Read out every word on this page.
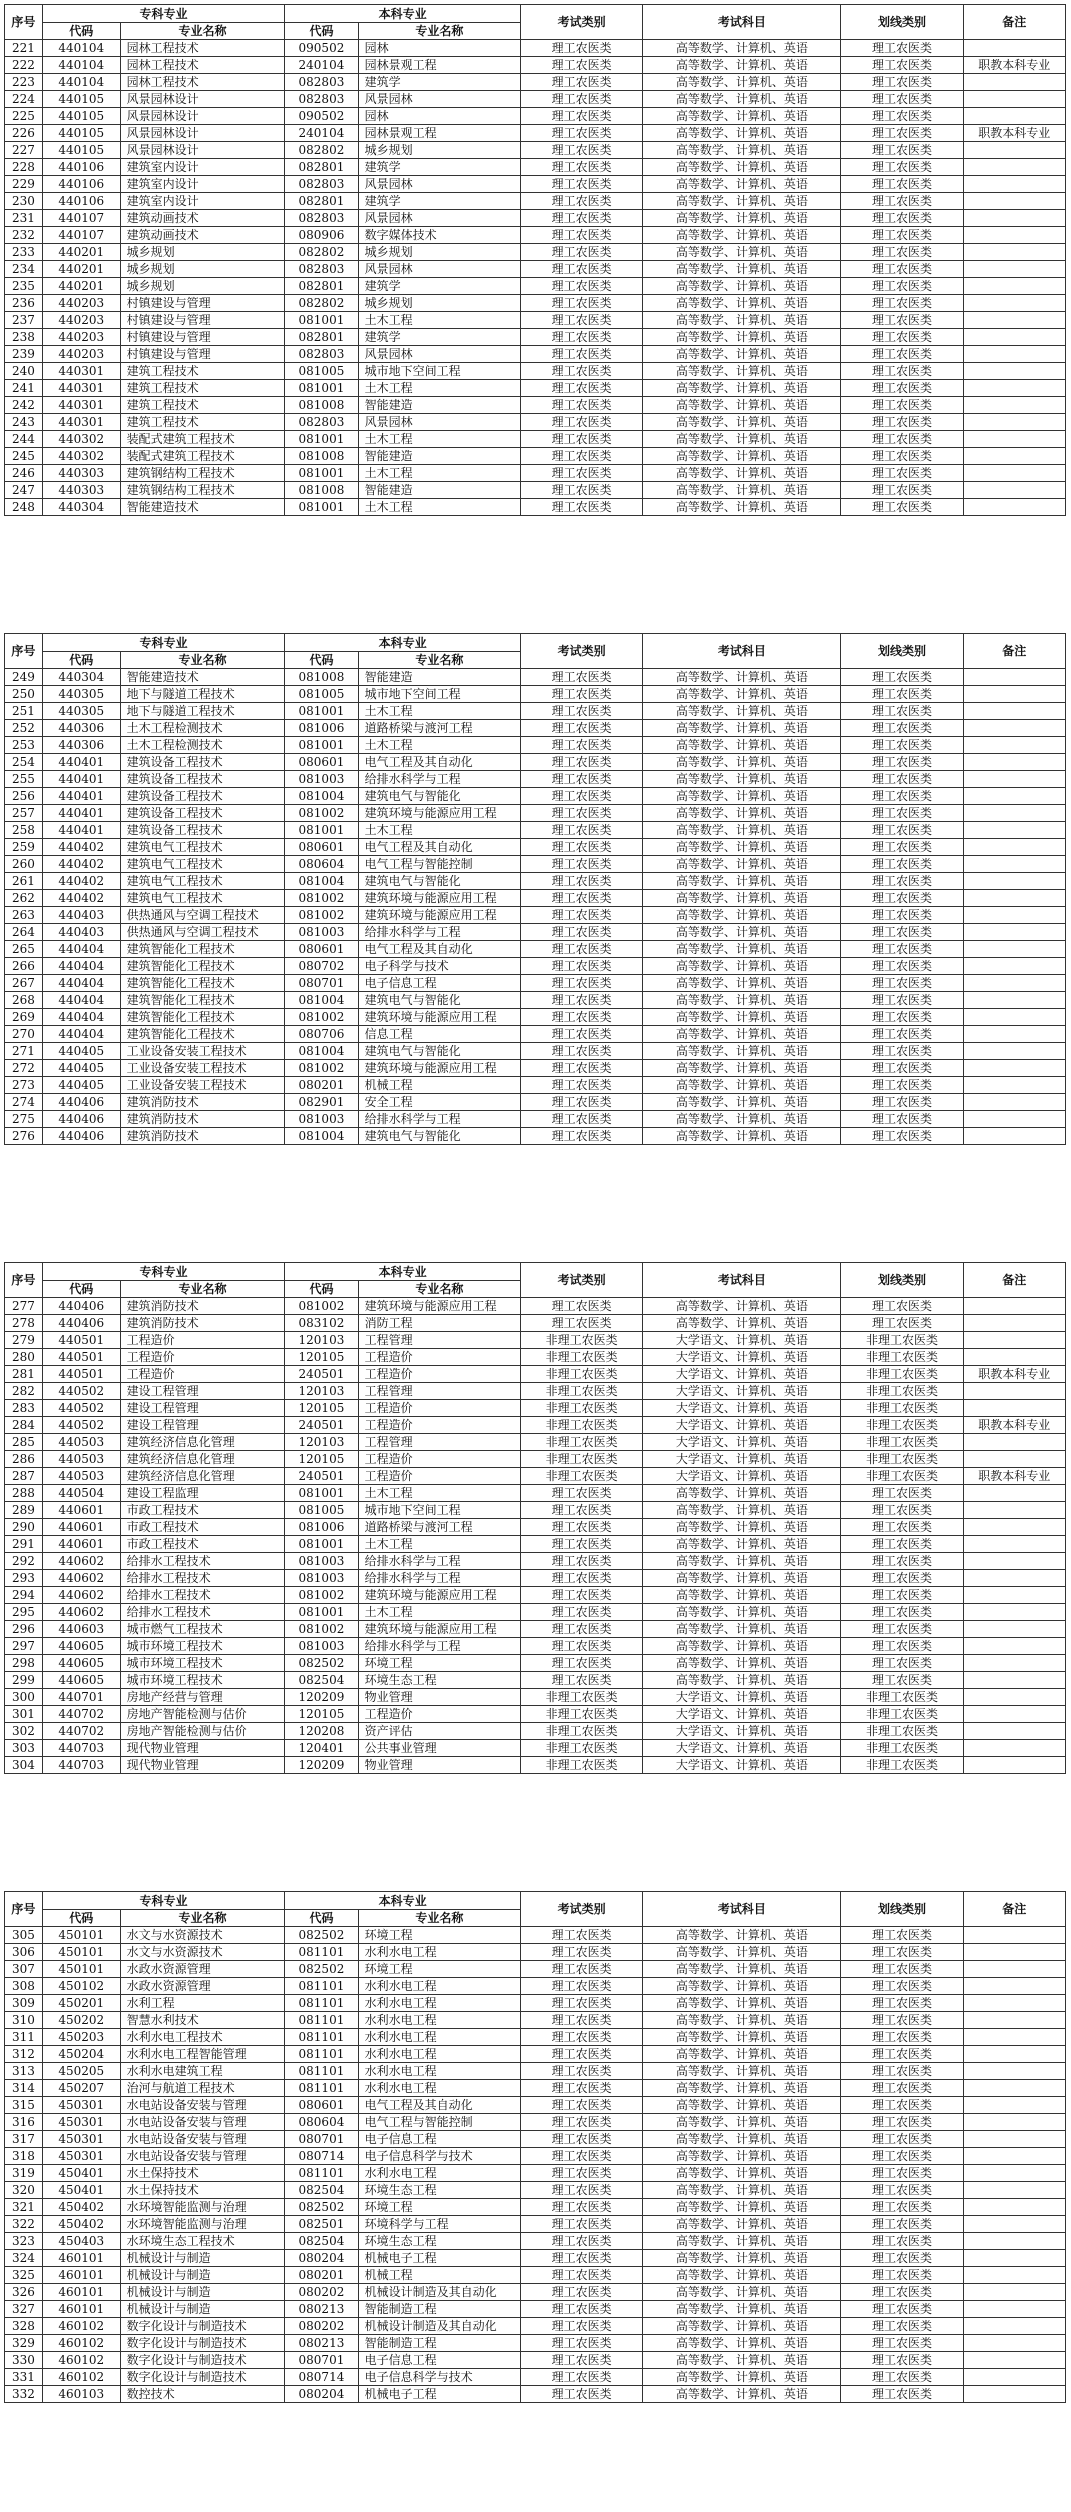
序号	专科专业		本科专业		考试类别	考试科目	划线类别	备注
	代码	专业名称	代码	专业名称				
221	440104	园林工程技术	090502	园林	理工农医类	高等数学、计算机、英语	理工农医类	
222	440104	园林工程技术	240104	园林景观工程	理工农医类	高等数学、计算机、英语	理工农医类	职教本科专业
223	440104	园林工程技术	082803	建筑学	理工农医类	高等数学、计算机、英语	理工农医类	
224	440105	风景园林设计	082803	风景园林	理工农医类	高等数学、计算机、英语	理工农医类	
225	440105	风景园林设计	090502	园林	理工农医类	高等数学、计算机、英语	理工农医类	
226	440105	风景园林设计	240104	园林景观工程	理工农医类	高等数学、计算机、英语	理工农医类	职教本科专业
227	440105	风景园林设计	082802	城乡规划	理工农医类	高等数学、计算机、英语	理工农医类	
228	440106	建筑室内设计	082801	建筑学	理工农医类	高等数学、计算机、英语	理工农医类	
229	440106	建筑室内设计	082803	风景园林	理工农医类	高等数学、计算机、英语	理工农医类	
230	440106	建筑室内设计	082801	建筑学	理工农医类	高等数学、计算机、英语	理工农医类	
231	440107	建筑动画技术	082803	风景园林	理工农医类	高等数学、计算机、英语	理工农医类	
232	440107	建筑动画技术	080906	数字媒体技术	理工农医类	高等数学、计算机、英语	理工农医类	
233	440201	城乡规划	082802	城乡规划	理工农医类	高等数学、计算机、英语	理工农医类	
234	440201	城乡规划	082803	风景园林	理工农医类	高等数学、计算机、英语	理工农医类	
235	440201	城乡规划	082801	建筑学	理工农医类	高等数学、计算机、英语	理工农医类	
236	440203	村镇建设与管理	082802	城乡规划	理工农医类	高等数学、计算机、英语	理工农医类	
237	440203	村镇建设与管理	081001	土木工程	理工农医类	高等数学、计算机、英语	理工农医类	
238	440203	村镇建设与管理	082801	建筑学	理工农医类	高等数学、计算机、英语	理工农医类	
239	440203	村镇建设与管理	082803	风景园林	理工农医类	高等数学、计算机、英语	理工农医类	
240	440301	建筑工程技术	081005	城市地下空间工程	理工农医类	高等数学、计算机、英语	理工农医类	
241	440301	建筑工程技术	081001	土木工程	理工农医类	高等数学、计算机、英语	理工农医类	
242	440301	建筑工程技术	081008	智能建造	理工农医类	高等数学、计算机、英语	理工农医类	
243	440301	建筑工程技术	082803	风景园林	理工农医类	高等数学、计算机、英语	理工农医类	
244	440302	装配式建筑工程技术	081001	土木工程	理工农医类	高等数学、计算机、英语	理工农医类	
245	440302	装配式建筑工程技术	081008	智能建造	理工农医类	高等数学、计算机、英语	理工农医类	
246	440303	建筑钢结构工程技术	081001	土木工程	理工农医类	高等数学、计算机、英语	理工农医类	
247	440303	建筑钢结构工程技术	081008	智能建造	理工农医类	高等数学、计算机、英语	理工农医类	
248	440304	智能建造技术	081001	土木工程	理工农医类	高等数学、计算机、英语	理工农医类	
序号	专科专业		本科专业		考试类别	考试科目	划线类别	备注
	代码	专业名称	代码	专业名称				
249	440304	智能建造技术	081008	智能建造	理工农医类	高等数学、计算机、英语	理工农医类	
250	440305	地下与隧道工程技术	081005	城市地下空间工程	理工农医类	高等数学、计算机、英语	理工农医类	
251	440305	地下与隧道工程技术	081001	土木工程	理工农医类	高等数学、计算机、英语	理工农医类	
252	440306	土木工程检测技术	081006	道路桥梁与渡河工程	理工农医类	高等数学、计算机、英语	理工农医类	
253	440306	土木工程检测技术	081001	土木工程	理工农医类	高等数学、计算机、英语	理工农医类	
254	440401	建筑设备工程技术	080601	电气工程及其自动化	理工农医类	高等数学、计算机、英语	理工农医类	
255	440401	建筑设备工程技术	081003	给排水科学与工程	理工农医类	高等数学、计算机、英语	理工农医类	
256	440401	建筑设备工程技术	081004	建筑电气与智能化	理工农医类	高等数学、计算机、英语	理工农医类	
257	440401	建筑设备工程技术	081002	建筑环境与能源应用工程	理工农医类	高等数学、计算机、英语	理工农医类	
258	440401	建筑设备工程技术	081001	土木工程	理工农医类	高等数学、计算机、英语	理工农医类	
259	440402	建筑电气工程技术	080601	电气工程及其自动化	理工农医类	高等数学、计算机、英语	理工农医类	
260	440402	建筑电气工程技术	080604	电气工程与智能控制	理工农医类	高等数学、计算机、英语	理工农医类	
261	440402	建筑电气工程技术	081004	建筑电气与智能化	理工农医类	高等数学、计算机、英语	理工农医类	
262	440402	建筑电气工程技术	081002	建筑环境与能源应用工程	理工农医类	高等数学、计算机、英语	理工农医类	
263	440403	供热通风与空调工程技术	081002	建筑环境与能源应用工程	理工农医类	高等数学、计算机、英语	理工农医类	
264	440403	供热通风与空调工程技术	081003	给排水科学与工程	理工农医类	高等数学、计算机、英语	理工农医类	
265	440404	建筑智能化工程技术	080601	电气工程及其自动化	理工农医类	高等数学、计算机、英语	理工农医类	
266	440404	建筑智能化工程技术	080702	电子科学与技术	理工农医类	高等数学、计算机、英语	理工农医类	
267	440404	建筑智能化工程技术	080701	电子信息工程	理工农医类	高等数学、计算机、英语	理工农医类	
268	440404	建筑智能化工程技术	081004	建筑电气与智能化	理工农医类	高等数学、计算机、英语	理工农医类	
269	440404	建筑智能化工程技术	081002	建筑环境与能源应用工程	理工农医类	高等数学、计算机、英语	理工农医类	
270	440404	建筑智能化工程技术	080706	信息工程	理工农医类	高等数学、计算机、英语	理工农医类	
271	440405	工业设备安装工程技术	081004	建筑电气与智能化	理工农医类	高等数学、计算机、英语	理工农医类	
272	440405	工业设备安装工程技术	081002	建筑环境与能源应用工程	理工农医类	高等数学、计算机、英语	理工农医类	
273	440405	工业设备安装工程技术	080201	机械工程	理工农医类	高等数学、计算机、英语	理工农医类	
274	440406	建筑消防技术	082901	安全工程	理工农医类	高等数学、计算机、英语	理工农医类	
275	440406	建筑消防技术	081003	给排水科学与工程	理工农医类	高等数学、计算机、英语	理工农医类	
276	440406	建筑消防技术	081004	建筑电气与智能化	理工农医类	高等数学、计算机、英语	理工农医类	
序号	专科专业		本科专业		考试类别	考试科目	划线类别	备注
	代码	专业名称	代码	专业名称				
277	440406	建筑消防技术	081002	建筑环境与能源应用工程	理工农医类	高等数学、计算机、英语	理工农医类	
278	440406	建筑消防技术	083102	消防工程	理工农医类	高等数学、计算机、英语	理工农医类	
279	440501	工程造价	120103	工程管理	非理工农医类	大学语文、计算机、英语	非理工农医类	
280	440501	工程造价	120105	工程造价	非理工农医类	大学语文、计算机、英语	非理工农医类	
281	440501	工程造价	240501	工程造价	非理工农医类	大学语文、计算机、英语	非理工农医类	职教本科专业
282	440502	建设工程管理	120103	工程管理	非理工农医类	大学语文、计算机、英语	非理工农医类	
283	440502	建设工程管理	120105	工程造价	非理工农医类	大学语文、计算机、英语	非理工农医类	
284	440502	建设工程管理	240501	工程造价	非理工农医类	大学语文、计算机、英语	非理工农医类	职教本科专业
285	440503	建筑经济信息化管理	120103	工程管理	非理工农医类	大学语文、计算机、英语	非理工农医类	
286	440503	建筑经济信息化管理	120105	工程造价	非理工农医类	大学语文、计算机、英语	非理工农医类	
287	440503	建筑经济信息化管理	240501	工程造价	非理工农医类	大学语文、计算机、英语	非理工农医类	职教本科专业
288	440504	建设工程监理	081001	土木工程	理工农医类	高等数学、计算机、英语	理工农医类	
289	440601	市政工程技术	081005	城市地下空间工程	理工农医类	高等数学、计算机、英语	理工农医类	
290	440601	市政工程技术	081006	道路桥梁与渡河工程	理工农医类	高等数学、计算机、英语	理工农医类	
291	440601	市政工程技术	081001	土木工程	理工农医类	高等数学、计算机、英语	理工农医类	
292	440602	给排水工程技术	081003	给排水科学与工程	理工农医类	高等数学、计算机、英语	理工农医类	
293	440602	给排水工程技术	081003	给排水科学与工程	理工农医类	高等数学、计算机、英语	理工农医类	
294	440602	给排水工程技术	081002	建筑环境与能源应用工程	理工农医类	高等数学、计算机、英语	理工农医类	
295	440602	给排水工程技术	081001	土木工程	理工农医类	高等数学、计算机、英语	理工农医类	
296	440603	城市燃气工程技术	081002	建筑环境与能源应用工程	理工农医类	高等数学、计算机、英语	理工农医类	
297	440605	城市环境工程技术	081003	给排水科学与工程	理工农医类	高等数学、计算机、英语	理工农医类	
298	440605	城市环境工程技术	082502	环境工程	理工农医类	高等数学、计算机、英语	理工农医类	
299	440605	城市环境工程技术	082504	环境生态工程	理工农医类	高等数学、计算机、英语	理工农医类	
300	440701	房地产经营与管理	120209	物业管理	非理工农医类	大学语文、计算机、英语	非理工农医类	
301	440702	房地产智能检测与估价	120105	工程造价	非理工农医类	大学语文、计算机、英语	非理工农医类	
302	440702	房地产智能检测与估价	120208	资产评估	非理工农医类	大学语文、计算机、英语	非理工农医类	
303	440703	现代物业管理	120401	公共事业管理	非理工农医类	大学语文、计算机、英语	非理工农医类	
304	440703	现代物业管理	120209	物业管理	非理工农医类	大学语文、计算机、英语	非理工农医类	
序号	专科专业		本科专业		考试类别	考试科目	划线类别	备注
	代码	专业名称	代码	专业名称				
305	450101	水文与水资源技术	082502	环境工程	理工农医类	高等数学、计算机、英语	理工农医类	
306	450101	水文与水资源技术	081101	水利水电工程	理工农医类	高等数学、计算机、英语	理工农医类	
307	450101	水政水资源管理	082502	环境工程	理工农医类	高等数学、计算机、英语	理工农医类	
308	450102	水政水资源管理	081101	水利水电工程	理工农医类	高等数学、计算机、英语	理工农医类	
309	450201	水利工程	081101	水利水电工程	理工农医类	高等数学、计算机、英语	理工农医类	
310	450202	智慧水利技术	081101	水利水电工程	理工农医类	高等数学、计算机、英语	理工农医类	
311	450203	水利水电工程技术	081101	水利水电工程	理工农医类	高等数学、计算机、英语	理工农医类	
312	450204	水利水电工程智能管理	081101	水利水电工程	理工农医类	高等数学、计算机、英语	理工农医类	
313	450205	水利水电建筑工程	081101	水利水电工程	理工农医类	高等数学、计算机、英语	理工农医类	
314	450207	治河与航道工程技术	081101	水利水电工程	理工农医类	高等数学、计算机、英语	理工农医类	
315	450301	水电站设备安装与管理	080601	电气工程及其自动化	理工农医类	高等数学、计算机、英语	理工农医类	
316	450301	水电站设备安装与管理	080604	电气工程与智能控制	理工农医类	高等数学、计算机、英语	理工农医类	
317	450301	水电站设备安装与管理	080701	电子信息工程	理工农医类	高等数学、计算机、英语	理工农医类	
318	450301	水电站设备安装与管理	080714	电子信息科学与技术	理工农医类	高等数学、计算机、英语	理工农医类	
319	450401	水土保持技术	081101	水利水电工程	理工农医类	高等数学、计算机、英语	理工农医类	
320	450401	水土保持技术	082504	环境生态工程	理工农医类	高等数学、计算机、英语	理工农医类	
321	450402	水环境智能监测与治理	082502	环境工程	理工农医类	高等数学、计算机、英语	理工农医类	
322	450402	水环境智能监测与治理	082501	环境科学与工程	理工农医类	高等数学、计算机、英语	理工农医类	
323	450403	水环境生态工程技术	082504	环境生态工程	理工农医类	高等数学、计算机、英语	理工农医类	
324	460101	机械设计与制造	080204	机械电子工程	理工农医类	高等数学、计算机、英语	理工农医类	
325	460101	机械设计与制造	080201	机械工程	理工农医类	高等数学、计算机、英语	理工农医类	
326	460101	机械设计与制造	080202	机械设计制造及其自动化	理工农医类	高等数学、计算机、英语	理工农医类	
327	460101	机械设计与制造	080213	智能制造工程	理工农医类	高等数学、计算机、英语	理工农医类	
328	460102	数字化设计与制造技术	080202	机械设计制造及其自动化	理工农医类	高等数学、计算机、英语	理工农医类	
329	460102	数字化设计与制造技术	080213	智能制造工程	理工农医类	高等数学、计算机、英语	理工农医类	
330	460102	数字化设计与制造技术	080701	电子信息工程	理工农医类	高等数学、计算机、英语	理工农医类	
331	460102	数字化设计与制造技术	080714	电子信息科学与技术	理工农医类	高等数学、计算机、英语	理工农医类	
332	460103	数控技术	080204	机械电子工程	理工农医类	高等数学、计算机、英语	理工农医类	
